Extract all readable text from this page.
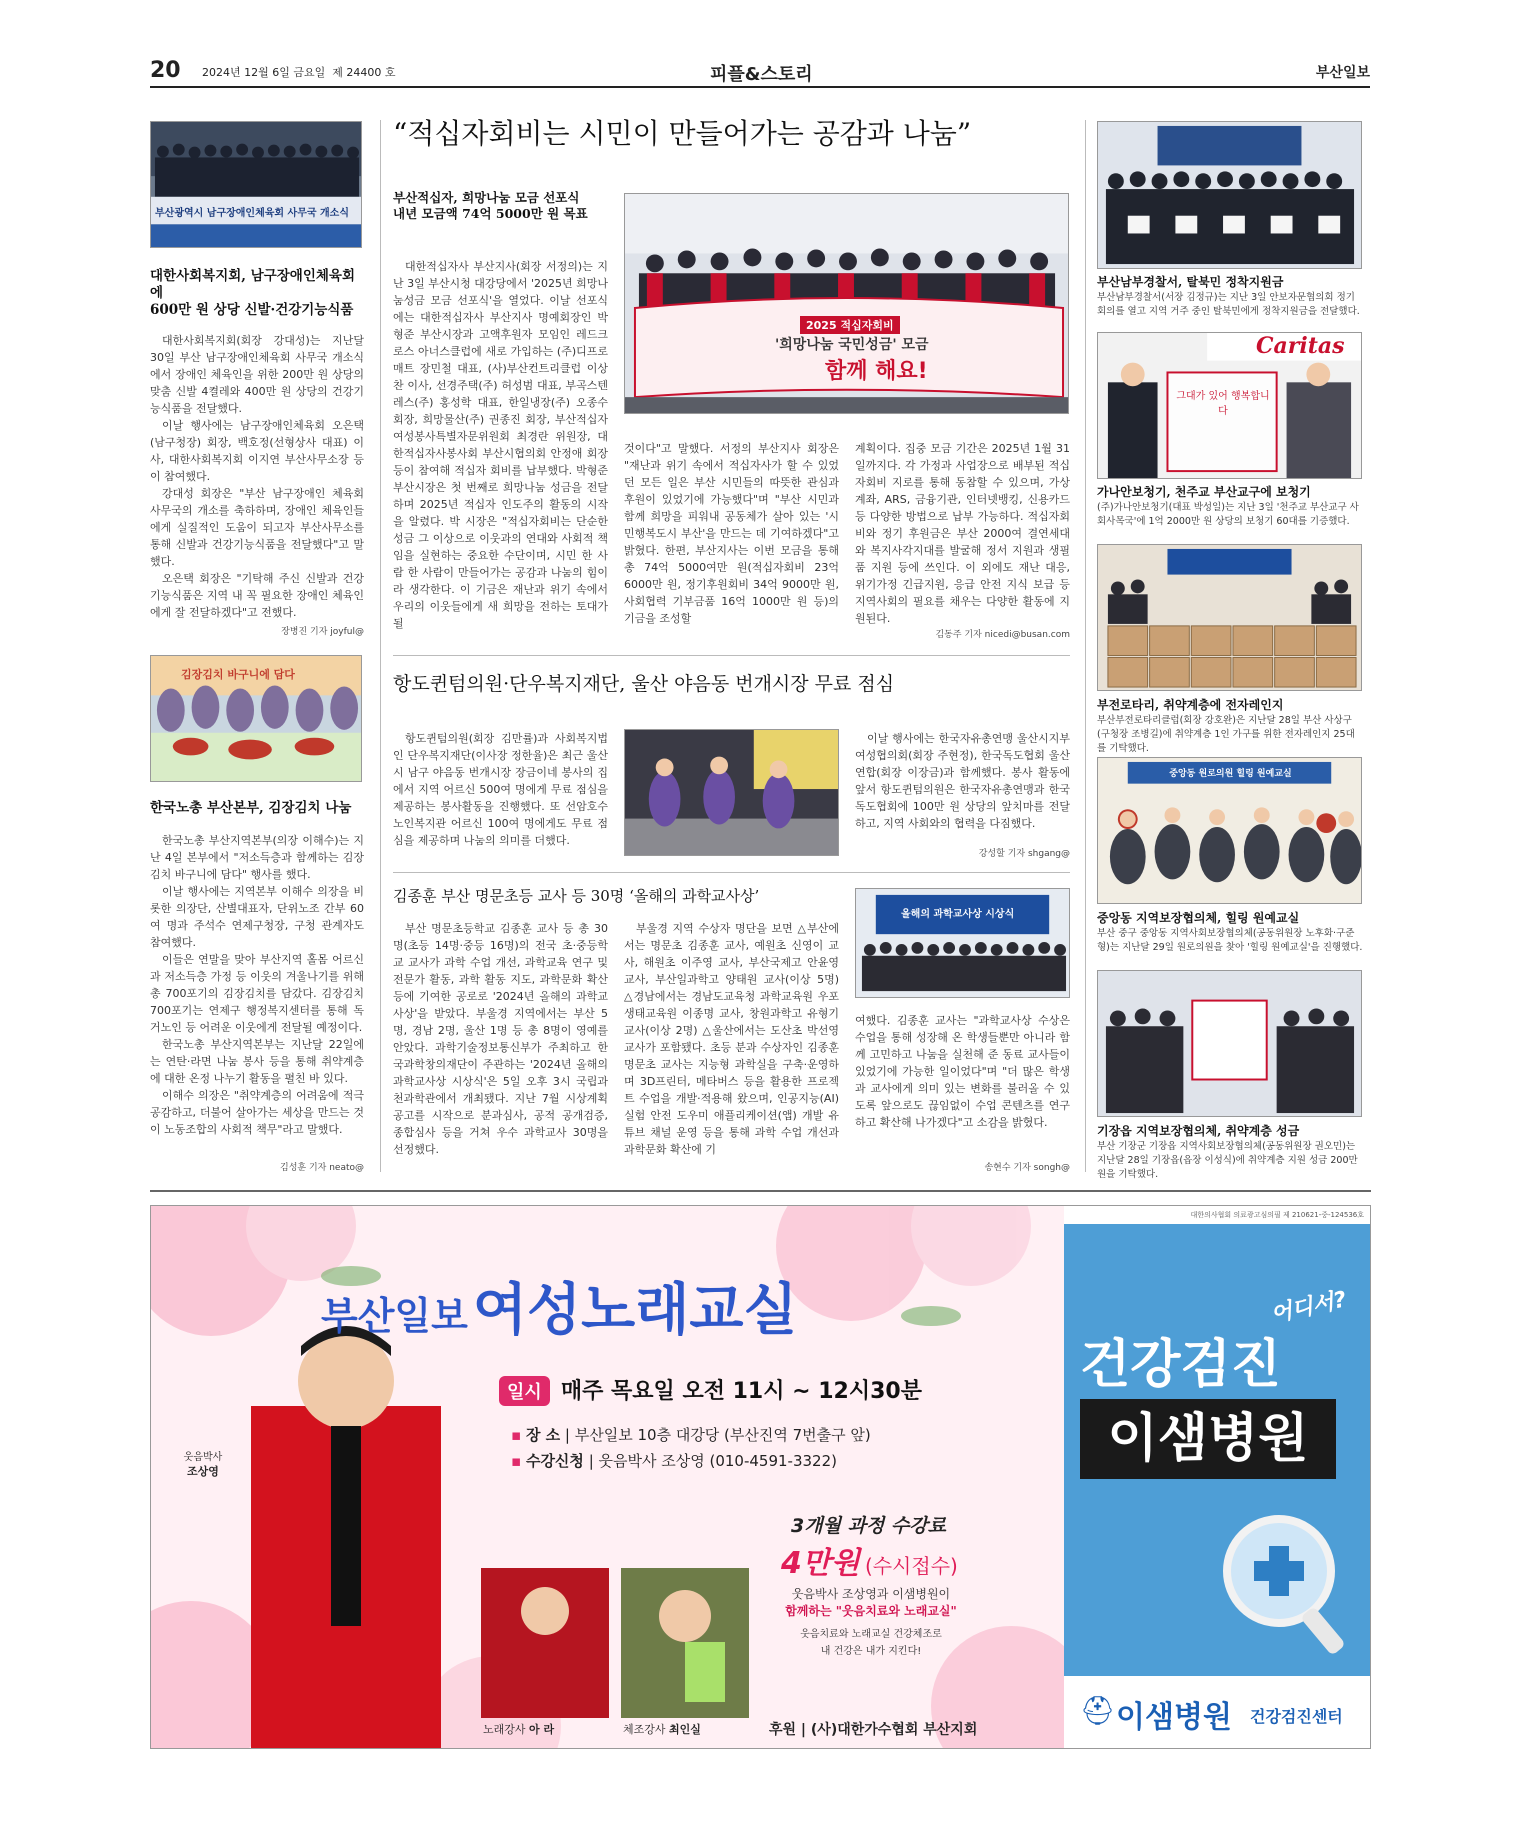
20 2024년 12월 6일 금요일 제 24400 호	피플&스토리	부산일보
부산광역시 남구장애인체육회 사무국 개소식
대한사회복지회, 남구장애인체육회에
600만 원 상당 신발·건강기능식품

대한사회복지회(회장 강대성)는 지난달 30일 부산 남구장애인체육회 사무국 개소식에서 장애인 체육인을 위한 200만 원 상당의 맞춤 신발 4켤레와 400만 원 상당의 건강기능식품을 전달했다.

이날 행사에는 남구장애인체육회 오은택(남구청장) 회장, 백호정(선형상사 대표) 이사, 대한사회복지회 이지연 부산사무소장 등이 참여했다.

강대성 회장은 "부산 남구장애인 체육회 사무국의 개소를 축하하며, 장애인 체육인들에게 실질적인 도움이 되고자 부산사무소를 통해 신발과 건강기능식품을 전달했다"고 말했다.

오은택 회장은 "기탁해 주신 신발과 건강기능식품은 지역 내 꼭 필요한 장애인 체육인에게 잘 전달하겠다"고 전했다.

장병진 기자 joyful@
김장김치 바구니에 담다
한국노총 부산본부, 김장김치 나눔

한국노총 부산지역본부(의장 이해수)는 지난 4일 본부에서 "저소득층과 함께하는 김장김치 바구니에 담다" 행사를 했다.

이날 행사에는 지역본부 이해수 의장을 비롯한 의장단, 산별대표자, 단위노조 간부 60여 명과 주석수 연제구청장, 구청 관계자도 참여했다.

이들은 연말을 맞아 부산지역 홀몸 어르신과 저소득층 가정 등 이웃의 겨울나기를 위해 총 700포기의 김장김치를 담갔다. 김장김치 700포기는 연제구 행정복지센터를 통해 독거노인 등 어려운 이웃에게 전달될 예정이다.

한국노총 부산지역본부는 지난달 22일에는 연탄·라면 나눔 봉사 등을 통해 취약계층에 대한 온정 나누기 활동을 펼친 바 있다.

이해수 의장은 "취약계층의 어려움에 적극 공감하고, 더불어 살아가는 세상을 만드는 것이 노동조합의 사회적 책무"라고 말했다.

김성훈 기자 neato@
“적십자회비는 시민이 만들어가는 공감과 나눔”
부산적십자, 희망나눔 모금 선포식
내년 모금액 74억 5000만 원 목표
대한적십자사 부산지사(회장 서정의)는 지난 3일 부산시청 대강당에서 '2025년 희망나눔성금 모금 선포식'을 열었다. 이날 선포식에는 대한적십자사 부산지사 명예회장인 박형준 부산시장과 고액후원자 모임인 레드크로스 아너스클럽에 새로 가입하는 (주)디프로매트 장민철 대표, (사)부산컨트리클럽 이상찬 이사, 선경주택(주) 허성범 대표, 부곡스텐레스(주) 홍성학 대표, 한일냉장(주) 오종수 회장, 희망물산(주) 권종진 회장, 부산적십자여성봉사특별자문위원회 최경란 위원장, 대한적십자사봉사회 부산시협의회 안정애 회장 등이 참여해 적십자 회비를 납부했다. 박형준 부산시장은 첫 번째로 희망나눔 성금을 전달하며 2025년 적십자 인도주의 활동의 시작을 알렸다. 박 시장은 "적십자회비는 단순한 성금 그 이상으로 이웃과의 연대와 사회적 책임을 실현하는 중요한 수단이며, 시민 한 사람 한 사람이 만들어가는 공감과 나눔의 힘이라 생각한다. 이 기금은 재난과 위기 속에서 우리의 이웃들에게 새 희망을 전하는 토대가 될
2025 적십자회비
'희망나눔 국민성금' 모금
함께 해요!
것이다"고 말했다. 서정의 부산지사 회장은 "재난과 위기 속에서 적십자사가 할 수 있었던 모든 일은 부산 시민들의 따뜻한 관심과 후원이 있었기에 가능했다"며 "부산 시민과 함께 희망을 피워내 공동체가 살아 있는 '시민행복도시 부산'을 만드는 데 기여하겠다"고 밝혔다. 한편, 부산지사는 이번 모금을 통해 총 74억 5000여만 원(적십자회비 23억 6000만 원, 정기후원회비 34억 9000만 원, 사회협력 기부금품 16억 1000만 원 등)의 기금을 조성할
계획이다. 집중 모금 기간은 2025년 1월 31일까지다. 각 가정과 사업장으로 배부된 적십자회비 지로를 통해 동참할 수 있으며, 가상계좌, ARS, 금융기관, 인터넷뱅킹, 신용카드 등 다양한 방법으로 납부 가능하다. 적십자회비와 정기 후원금은 부산 2000여 결연세대와 복지사각지대를 발굴해 정서 지원과 생필품 지원 등에 쓰인다. 이 외에도 재난 대응, 위기가정 긴급지원, 응급 안전 지식 보급 등 지역사회의 필요를 채우는 다양한 활동에 지원된다.
김동주 기자 nicedi@busan.com
항도퀸텀의원·단우복지재단, 울산 야음동 번개시장 무료 점심
항도퀸텀의원(회장 김만률)과 사회복지법인 단우복지재단(이사장 정한율)은 최근 울산시 남구 야음동 번개시장 장금이네 봉사의 집에서 지역 어르신 500여 명에게 무료 점심을 제공하는 봉사활동을 진행했다. 또 선암호수노인복지관 어르신 100여 명에게도 무료 점심을 제공하며 나눔의 의미를 더했다.
이날 행사에는 한국자유총연맹 울산시지부 여성협의회(회장 주현정), 한국독도협회 울산연합(회장 이장금)과 함께했다. 봉사 활동에 앞서 항도퀸텀의원은 한국자유총연맹과 한국독도협회에 100만 원 상당의 앞치마를 전달하고, 지역 사회와의 협력을 다짐했다.
강성할 기자 shgang@
김종훈 부산 명문초등 교사 등 30명 ‘올해의 과학교사상’
올해의 과학교사상 시상식
부산 명문초등학교 김종훈 교사 등 총 30명(초등 14명·중등 16명)의 전국 초·중등학교 교사가 과학 수업 개선, 과학교육 연구 및 전문가 활동, 과학 활동 지도, 과학문화 확산 등에 기여한 공로로 '2024년 올해의 과학교사상'을 받았다. 부울경 지역에서는 부산 5명, 경남 2명, 울산 1명 등 총 8명이 영예를 안았다. 과학기술정보통신부가 주최하고 한국과학창의재단이 주관하는 '2024년 올해의 과학교사상 시상식'은 5일 오후 3시 국립과천과학관에서 개최됐다. 지난 7월 시상계획 공고를 시작으로 분과심사, 공적 공개검증, 종합심사 등을 거쳐 우수 과학교사 30명을 선정했다.
부울경 지역 수상자 명단을 보면 △부산에서는 명문초 김종훈 교사, 예원초 신영이 교사, 해원초 이주영 교사, 부산국제고 안윤영 교사, 부산일과학고 양태원 교사(이상 5명) △경남에서는 경남도교육청 과학교육원 우포생태교육원 이종명 교사, 창원과학고 유형기 교사(이상 2명) △울산에서는 도산초 박선영 교사가 포함됐다. 초등 분과 수상자인 김종훈 명문초 교사는 지능형 과학실을 구축·운영하며 3D프린터, 메타버스 등을 활용한 프로젝트 수업을 개발·적용해 왔으며, 인공지능(AI) 실험 안전 도우미 애플리케이션(앱) 개발 유튜브 채널 운영 등을 통해 과학 수업 개선과 과학문화 확산에 기
여했다. 김종훈 교사는 "과학교사상 수상은 수업을 통해 성장해 온 학생들뿐만 아니라 함께 고민하고 나눔을 실천해 준 동료 교사들이 있었기에 가능한 일이었다"며 "더 많은 학생과 교사에게 의미 있는 변화를 불러올 수 있도록 앞으로도 끊임없이 수업 콘텐츠를 연구하고 확산해 나가겠다"고 소감을 밝혔다.
송현수 기자 songh@
부산남부경찰서, 탈북민 정착지원금
부산남부경찰서(서장 김정규)는 지난 3일 안보자문협의회 정기회의를 열고 지역 거주 중인 탈북민에게 정착지원금을 전달했다.
Caritas
그대가 있어 행복합니다
가나안보청기, 천주교 부산교구에 보청기
(주)가나안보청기(대표 박성일)는 지난 3일 '천주교 부산교구 사회사목국'에 1억 2000만 원 상당의 보청기 60대를 기증했다.
부전로타리, 취약계층에 전자레인지
부산부전로타리클럽(회장 강호완)은 지난달 28일 부산 사상구(구청장 조병길)에 취약계층 1인 가구를 위한 전자레인지 25대를 기탁했다.
중앙동 원로의원 힐링 원예교실
중앙동 지역보장협의체, 힐링 원예교실
부산 중구 중앙동 지역사회보장협의체(공동위원장 노후화·구준형)는 지난달 29일 원로의원을 찾아 '힐링 원예교실'을 진행했다.
기장읍 지역보장협의체, 취약계층 성금
부산 기장군 기장읍 지역사회보장협의체(공동위원장 권오민)는 지난달 28일 기장읍(읍장 이성식)에 취약계층 지원 성금 200만 원을 기탁했다.
부산일보 여성노래교실
일시 매주 목요일 오전 11시 ~ 12시30분
▪ 장 소 | 부산일보 10층 대강당 (부산진역 7번출구 앞)
▪ 수강신청 | 웃음박사 조상영 (010-4591-3322)
웃음박사
조상영
3개월 과정 수강료
4만원 (수시접수)
웃음박사 조상영과 이샘병원이
함께하는 "웃음치료와 노래교실"
웃음치료와 노래교실 건강체조로
내 건강은 내가 지킨다!
노래강사 아 라	체조강사 최인실	후원 | (사)대한가수협회 부산지회
대한의사협회 의료광고심의필 제 210621-중-124536호
어디서?
건강검진
이샘병원
⛑ 이샘병원 건강검진센터
